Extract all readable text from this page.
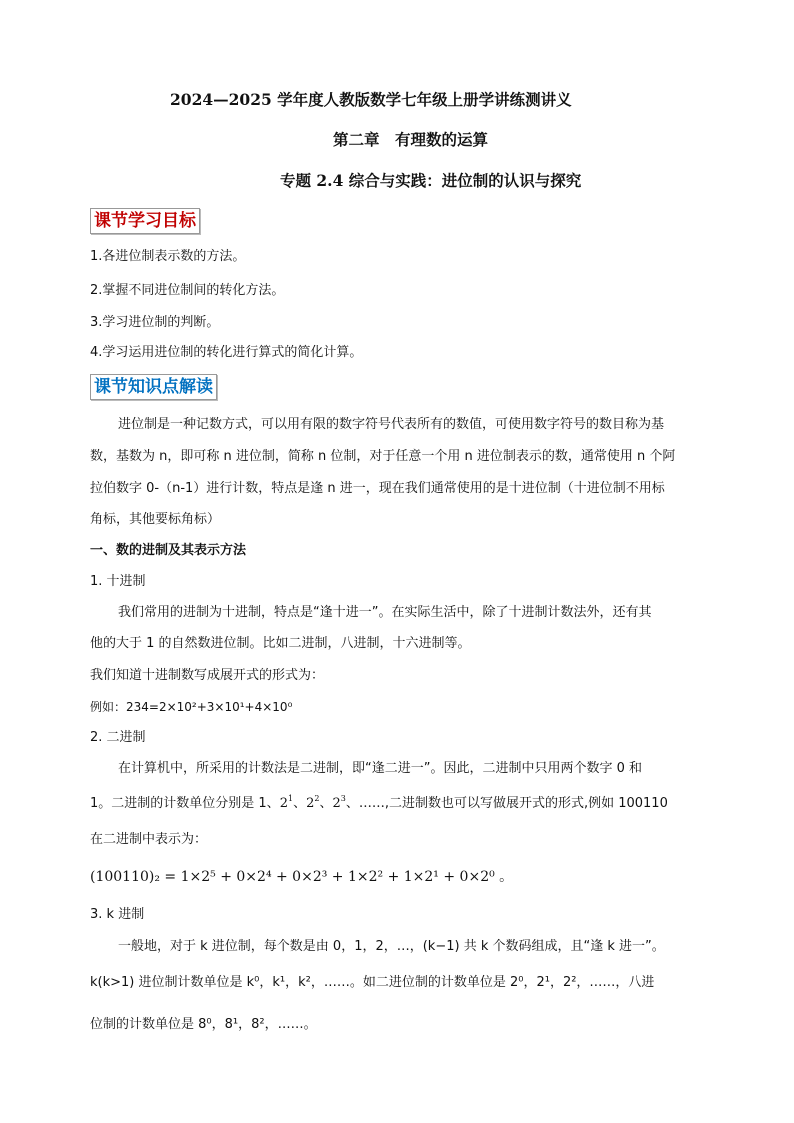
2024—2025 学年度人教版数学七年级上册学讲练测讲义
第二章　有理数的运算
专题 2.4 综合与实践：进位制的认识与探究
课节学习目标
1.各进位制表示数的方法。
2.掌握不同进位制间的转化方法。
3.学习进位制的判断。
4.学习运用进位制的转化进行算式的简化计算。
课节知识点解读
进位制是一种记数方式，可以用有限的数字符号代表所有的数值，可使用数字符号的数目称为基
数，基数为 n，即可称 n 进位制，简称 n 位制，对于任意一个用 n 进位制表示的数，通常使用 n 个阿
拉伯数字 0-（n-1）进行计数，特点是逢 n 进一，现在我们通常使用的是十进位制（十进位制不用标
角标，其他要标角标）
一、数的进制及其表示方法
1. 十进制
我们常用的进制为十进制，特点是“逢十进一”。在实际生活中，除了十进制计数法外，还有其
他的大于 1 的自然数进位制。比如二进制，八进制，十六进制等。
我们知道十进制数写成展开式的形式为：
例如：234=2×10²+3×10¹+4×10⁰
2. 二进制
在计算机中，所采用的计数法是二进制，即“逢二进一”。因此，二进制中只用两个数字 0 和
1。二进制的计数单位分别是 1、$2^1$、$2^2$、$2^3$、……,二进制数也可以写做展开式的形式,例如 100110
在二进制中表示为：
(100110)₂ = 1×2⁵ + 0×2⁴ + 0×2³ + 1×2² + 1×2¹ + 0×2⁰ 。
3. k 进制
一般地，对于 k 进位制，每个数是由 0，1，2，…，(k−1) 共 k 个数码组成，且“逢 k 进一”。
k(k>1) 进位制计数单位是 k⁰，k¹，k²，……。如二进位制的计数单位是 2⁰，2¹，2²，……，八进
位制的计数单位是 8⁰，8¹，8²，……。
